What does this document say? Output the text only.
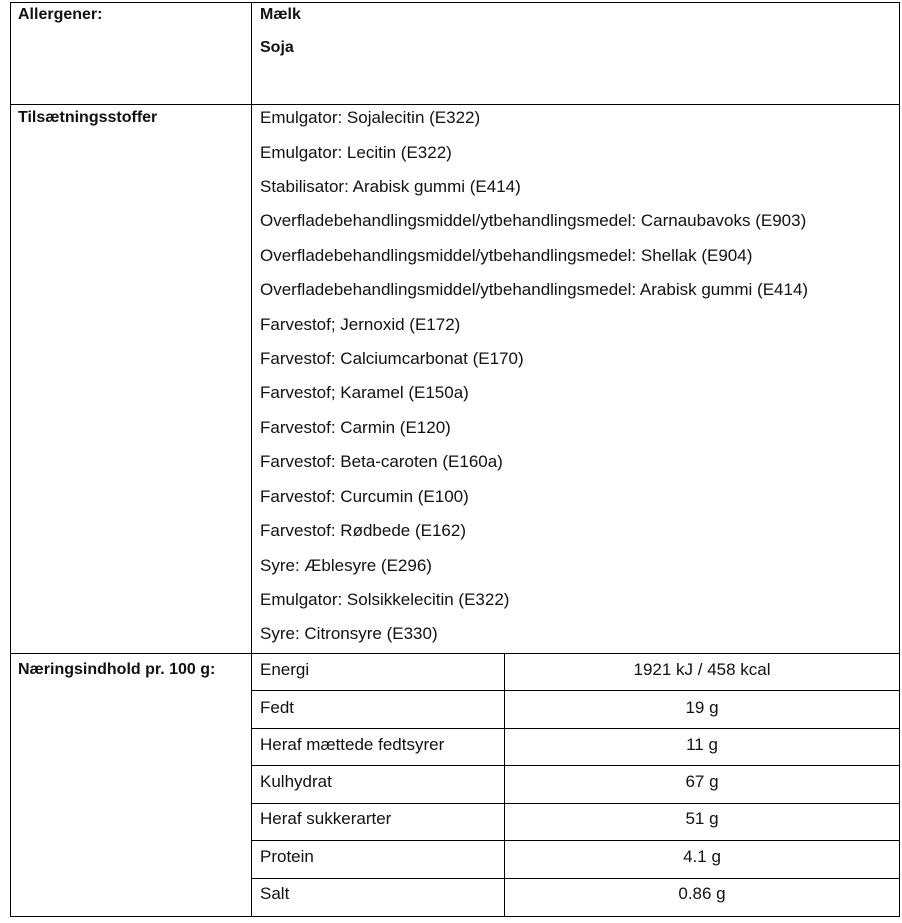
Allergener:	Mælk
Soja
Tilsætningsstoffer	Emulgator: Sojalecitin (E322)
Emulgator: Lecitin (E322)
Stabilisator: Arabisk gummi (E414)
Overfladebehandlingsmiddel/ytbehandlingsmedel: Carnaubavoks (E903)
Overfladebehandlingsmiddel/ytbehandlingsmedel: Shellak (E904)
Overfladebehandlingsmiddel/ytbehandlingsmedel: Arabisk gummi (E414)
Farvestof; Jernoxid (E172)
Farvestof: Calciumcarbonat (E170)
Farvestof; Karamel (E150a)
Farvestof: Carmin (E120)
Farvestof: Beta-caroten (E160a)
Farvestof: Curcumin (E100)
Farvestof: Rødbede (E162)
Syre: Æblesyre (E296)
Emulgator: Solsikkelecitin (E322)
Syre: Citronsyre (E330)
Næringsindhold pr. 100 g:	Energi	1921 kJ / 458 kcal
Fedt	19 g
Heraf mættede fedtsyrer	11 g
Kulhydrat	67 g
Heraf sukkerarter	51 g
Protein	4.1 g
Salt	0.86 g
